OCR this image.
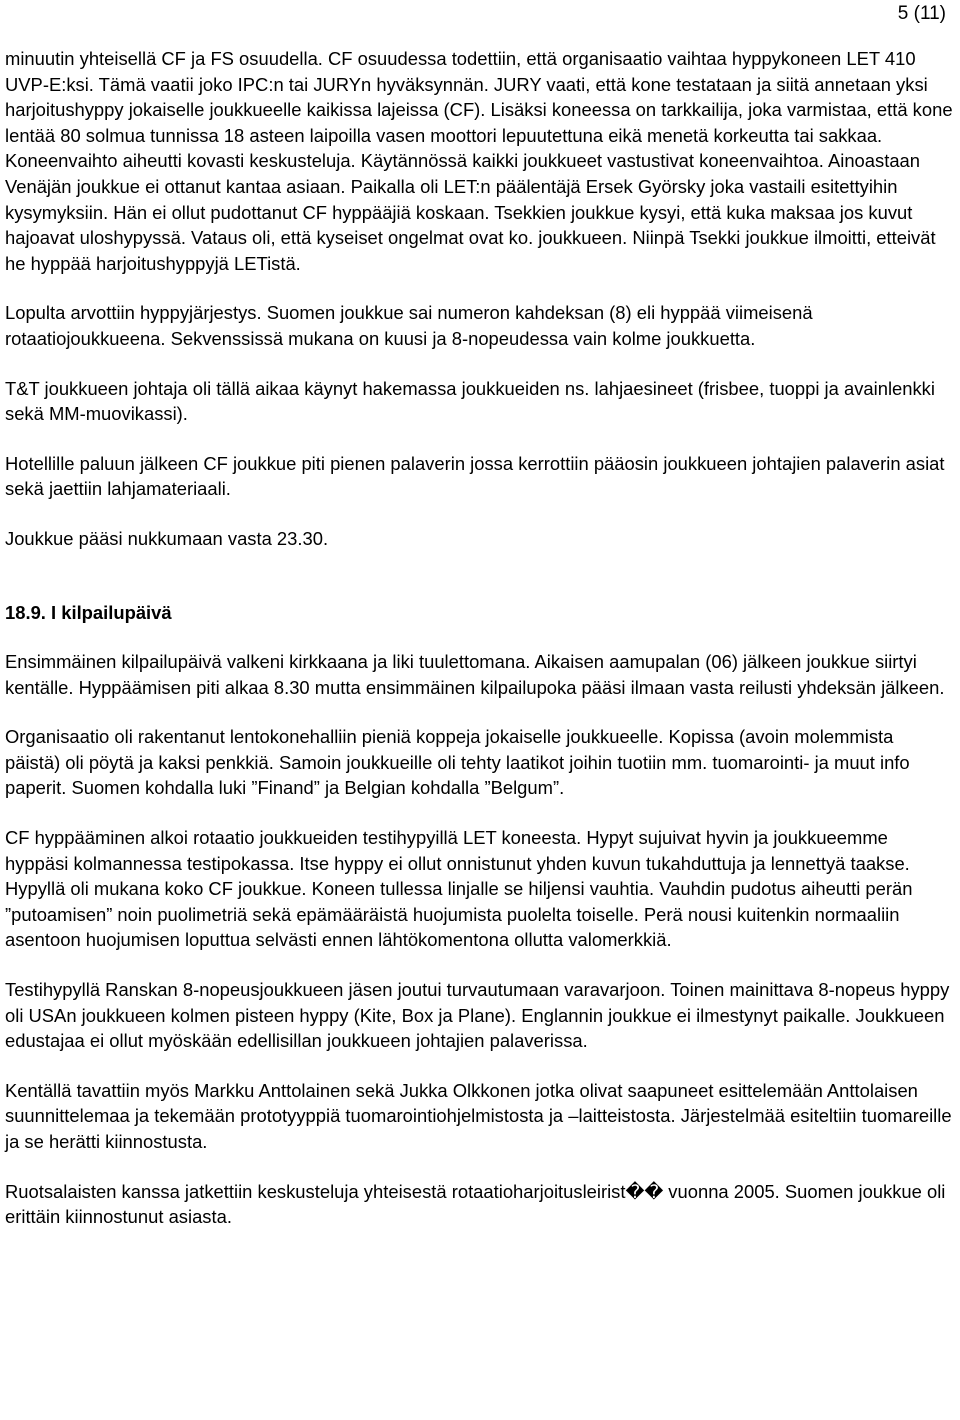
5 (11)

minuutin yhteisellä CF ja FS osuudella. CF osuudessa todettiin, että organisaatio vaihtaa hyppykoneen LET 410 UVP-E:ksi. Tämä vaatii joko IPC:n tai JURYn hyväksynnän. JURY vaati, että kone testataan ja siitä annetaan yksi harjoitushyppy jokaiselle joukkueelle kaikissa lajeissa (CF). Lisäksi koneessa on tarkkailija, joka varmistaa, että kone lentää 80 solmua tunnissa 18 asteen laipoilla vasen moottori lepuutettuna eikä menetä korkeutta tai sakkaa. Koneenvaihto aiheutti kovasti keskusteluja. Käytännössä kaikki joukkueet vastustivat koneenvaihtoa. Ainoastaan Venäjän joukkue ei ottanut kantaa asiaan. Paikalla oli LET:n päälentäjä Ersek Györsky joka vastaili esitettyihin kysymyksiin. Hän ei ollut pudottanut CF hyppääjiä koskaan. Tsekkien joukkue kysyi, että kuka maksaa jos kuvut hajoavat uloshypyssä. Vataus oli, että kyseiset ongelmat ovat ko. joukkueen. Niinpä Tsekki joukkue ilmoitti, etteivät he hyppää harjoitushyppyjä LETistä.

Lopulta arvottiin hyppyjärjestys. Suomen joukkue sai numeron kahdeksan (8) eli hyppää viimeisenä rotaatiojoukkueena. Sekvenssissä mukana on kuusi ja 8-nopeudessa vain kolme joukkuetta.

T&T joukkueen johtaja oli tällä aikaa käynyt hakemassa joukkueiden ns. lahjaesineet (frisbee, tuoppi ja avainlenkki sekä MM-muovikassi).

Hotellille paluun jälkeen CF joukkue piti pienen palaverin jossa kerrottiin pääosin joukkueen johtajien palaverin asiat sekä jaettiin lahjamateriaali.

Joukkue pääsi nukkumaan vasta 23.30.

18.9. I kilpailupäivä

Ensimmäinen kilpailupäivä valkeni kirkkaana ja liki tuulettomana. Aikaisen aamupalan (06) jälkeen joukkue siirtyi kentälle. Hyppäämisen piti alkaa 8.30 mutta ensimmäinen kilpailupoka pääsi ilmaan vasta reilusti yhdeksän jälkeen.

Organisaatio oli rakentanut lentokonehalliin pieniä koppeja jokaiselle joukkueelle. Kopissa (avoin molemmista päistä) oli pöytä ja kaksi penkkiä. Samoin joukkueille oli tehty laatikot joihin tuotiin mm. tuomarointi- ja muut info paperit. Suomen kohdalla luki ”Finand” ja Belgian kohdalla ”Belgum”.

CF hyppääminen alkoi rotaatio joukkueiden testihypyillä LET koneesta. Hypyt sujuivat hyvin ja joukkueemme hyppäsi kolmannessa testipokassa. Itse hyppy ei ollut onnistunut yhden kuvun tukahduttuja ja lennettyä taakse. Hypyllä oli mukana koko CF joukkue. Koneen tullessa linjalle se hiljensi vauhtia. Vauhdin pudotus aiheutti perän ”putoamisen” noin puolimetriä sekä epämääräistä huojumista puolelta toiselle. Perä nousi kuitenkin normaaliin asentoon huojumisen loputtua selvästi ennen lähtökomentona ollutta valomerkkiä.

Testihypyllä Ranskan 8-nopeusjoukkueen jäsen joutui turvautumaan varavarjoon. Toinen mainittava 8-nopeus hyppy oli USAn joukkueen kolmen pisteen hyppy (Kite, Box ja Plane). Englannin joukkue ei ilmestynyt paikalle. Joukkueen edustajaa ei ollut myöskään edellisillan joukkueen johtajien palaverissa.

Kentällä tavattiin myös Markku Anttolainen sekä Jukka Olkkonen jotka olivat saapuneet esittelemään Anttolaisen suunnittelemaa ja tekemään prototyyppiä tuomarointiohjelmistosta ja –laitteistosta. Järjestelmää esiteltiin tuomareille ja se herätti kiinnostusta.

Ruotsalaisten kanssa jatkettiin keskusteluja yhteisestä rotaatioharjoitusleirist�� vuonna 2005. Suomen joukkue oli erittäin kiinnostunut asiasta.
